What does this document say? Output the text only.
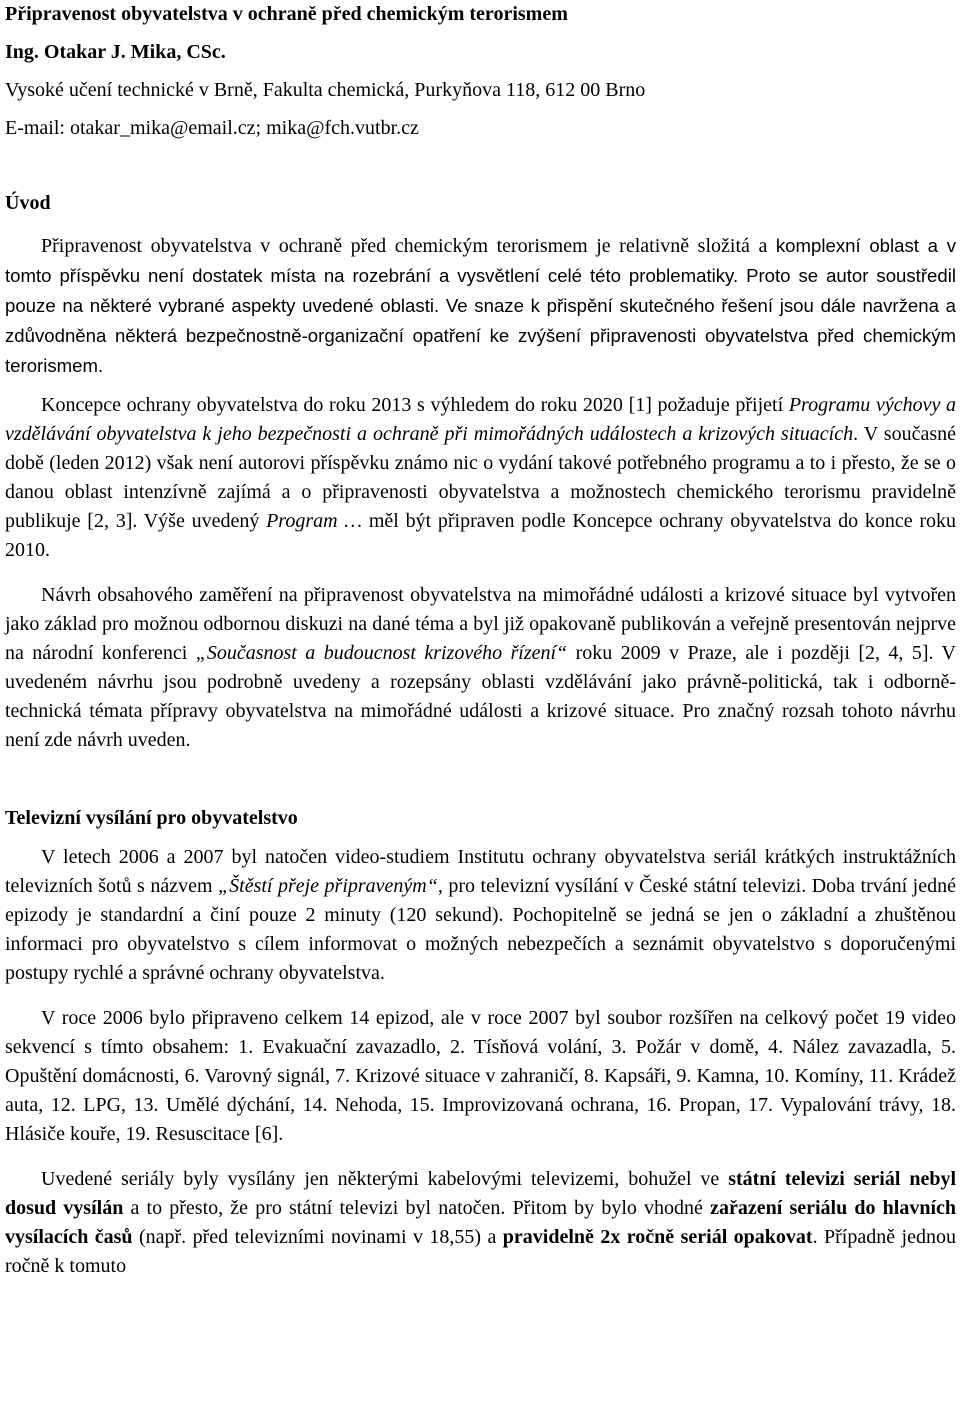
Připravenost obyvatelstva v ochraně před chemickým terorismem
Ing. Otakar J. Mika, CSc.
Vysoké učení technické v Brně, Fakulta chemická, Purkyňova 118, 612 00 Brno
E-mail: otakar_mika@email.cz; mika@fch.vutbr.cz
Úvod

Připravenost obyvatelstva v ochraně před chemickým terorismem je relativně složitá a komplexní oblast a v tomto příspěvku není dostatek místa na rozebrání a vysvětlení celé této problematiky. Proto se autor soustředil pouze na některé vybrané aspekty uvedené oblasti. Ve snaze k přispění skutečného řešení jsou dále navržena a zdůvodněna některá bezpečnostně-organizační opatření ke zvýšení připravenosti obyvatelstva před chemickým terorismem.

Koncepce ochrany obyvatelstva do roku 2013 s výhledem do roku 2020 [1] požaduje přijetí Programu výchovy a vzdělávání obyvatelstva k jeho bezpečnosti a ochraně při mimořádných událostech a krizových situacích. V současné době (leden 2012) však není autorovi příspěvku známo nic o vydání takové potřebného programu a to i přesto, že se o danou oblast intenzívně zajímá a o připravenosti obyvatelstva a možnostech chemického terorismu pravidelně publikuje [2, 3]. Výše uvedený Program … měl být připraven podle Koncepce ochrany obyvatelstva do konce roku 2010.

Návrh obsahového zaměření na připravenost obyvatelstva na mimořádné události a krizové situace byl vytvořen jako základ pro možnou odbornou diskuzi na dané téma a byl již opakovaně publikován a veřejně presentován nejprve na národní konferenci „Současnost a budoucnost krizového řízení“ roku 2009 v Praze, ale i později [2, 4, 5]. V uvedeném návrhu jsou podrobně uvedeny a rozepsány oblasti vzdělávání jako právně-politická, tak i odborně-technická témata přípravy obyvatelstva na mimořádné události a krizové situace. Pro značný rozsah tohoto návrhu není zde návrh uveden.

Televizní vysílání pro obyvatelstvo

V letech 2006 a 2007 byl natočen video-studiem Institutu ochrany obyvatelstva seriál krátkých instruktážních televizních šotů s názvem „Štěstí přeje připraveným“, pro televizní vysílání v České státní televizi. Doba trvání jedné epizody je standardní a činí pouze 2 minuty (120 sekund). Pochopitelně se jedná se jen o základní a zhuštěnou informaci pro obyvatelstvo s cílem informovat o možných nebezpečích a seznámit obyvatelstvo s doporučenými postupy rychlé a správné ochrany obyvatelstva.

V roce 2006 bylo připraveno celkem 14 epizod, ale v roce 2007 byl soubor rozšířen na celkový počet 19 video sekvencí s tímto obsahem: 1. Evakuační zavazadlo, 2. Tísňová volání, 3. Požár v domě, 4. Nález zavazadla, 5. Opuštění domácnosti, 6. Varovný signál, 7. Krizové situace v zahraničí, 8. Kapsáři, 9. Kamna, 10. Komíny, 11. Krádež auta, 12. LPG, 13. Umělé dýchání, 14. Nehoda, 15. Improvizovaná ochrana, 16. Propan, 17. Vypalování trávy, 18. Hlásiče kouře, 19. Resuscitace [6].

Uvedené seriály byly vysílány jen některými kabelovými televizemi, bohužel ve státní televizi seriál nebyl dosud vysílán a to přesto, že pro státní televizi byl natočen. Přitom by bylo vhodné zařazení seriálu do hlavních vysílacích časů (např. před televizními novinami v 18,55) a pravidelně 2x ročně seriál opakovat. Případně jednou ročně k tomuto
